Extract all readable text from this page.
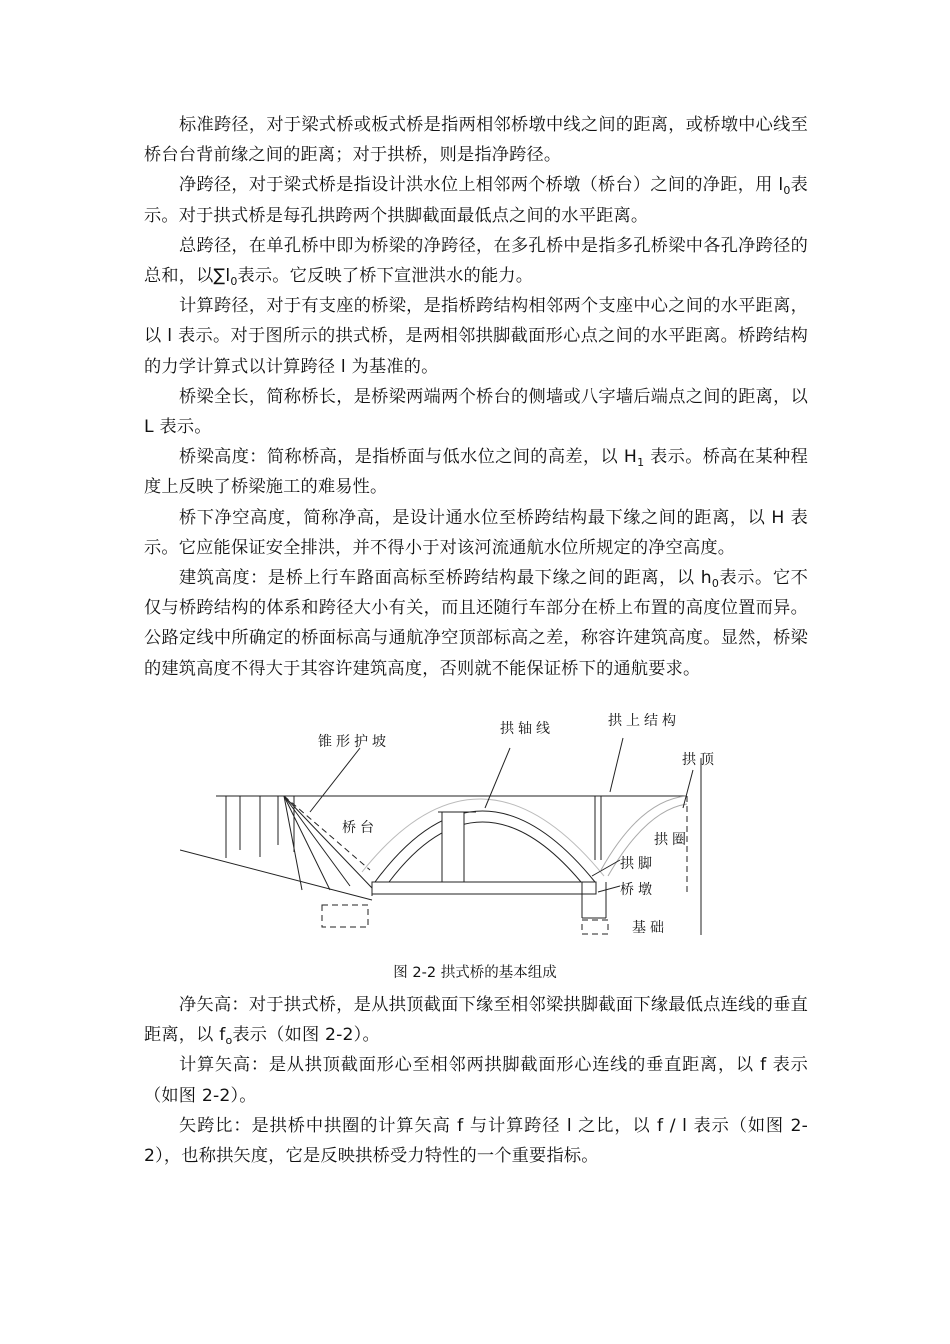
标准跨径，对于梁式桥或板式桥是指两相邻桥墩中线之间的距离，或桥墩中心线至桥台台背前缘之间的距离；对于拱桥，则是指净跨径。

净跨径，对于梁式桥是指设计洪水位上相邻两个桥墩（桥台）之间的净距，用 $l_0$表示。对于拱式桥是每孔拱跨两个拱脚截面最低点之间的水平距离。

总跨径，在单孔桥中即为桥梁的净跨径，在多孔桥中是指多孔桥梁中各孔净跨径的总和，以$\sum l_0$表示。它反映了桥下宣泄洪水的能力。

计算跨径，对于有支座的桥梁，是指桥跨结构相邻两个支座中心之间的水平距离，以 l 表示。对于图所示的拱式桥，是两相邻拱脚截面形心点之间的水平距离。桥跨结构的力学计算式以计算跨径 l 为基准的。

桥梁全长，简称桥长，是桥梁两端两个桥台的侧墙或八字墙后端点之间的距离，以 L 表示。

桥梁高度：简称桥高，是指桥面与低水位之间的高差，以 $H_1$ 表示。桥高在某种程度上反映了桥梁施工的难易性。

桥下净空高度，简称净高，是设计通水位至桥跨结构最下缘之间的距离，以 H 表示。它应能保证安全排洪，并不得小于对该河流通航水位所规定的净空高度。

建筑高度：是桥上行车路面高标至桥跨结构最下缘之间的距离，以 $h_0$表示。它不仅与桥跨结构的体系和跨径大小有关，而且还随行车部分在桥上布置的高度位置而异。公路定线中所确定的桥面标高与通航净空顶部标高之差，称容许建筑高度。显然，桥梁的建筑高度不得大于其容许建筑高度，否则就不能保证桥下的通航要求。

锥形护坡
拱轴线	拱上结构
拱顶
桥台
拱圈
拱脚
桥墩
基础
图 2-2 拱式桥的基本组成

净矢高：对于拱式桥，是从拱顶截面下缘至相邻梁拱脚截面下缘最低点连线的垂直距离，以 $f_o$表示（如图 2-2）。

计算矢高：是从拱顶截面形心至相邻两拱脚截面形心连线的垂直距离，以 f 表示（如图 2-2）。

矢跨比：是拱桥中拱圈的计算矢高 f 与计算跨径 l 之比，以 f / l 表示（如图 2-2），也称拱矢度，它是反映拱桥受力特性的一个重要指标。
